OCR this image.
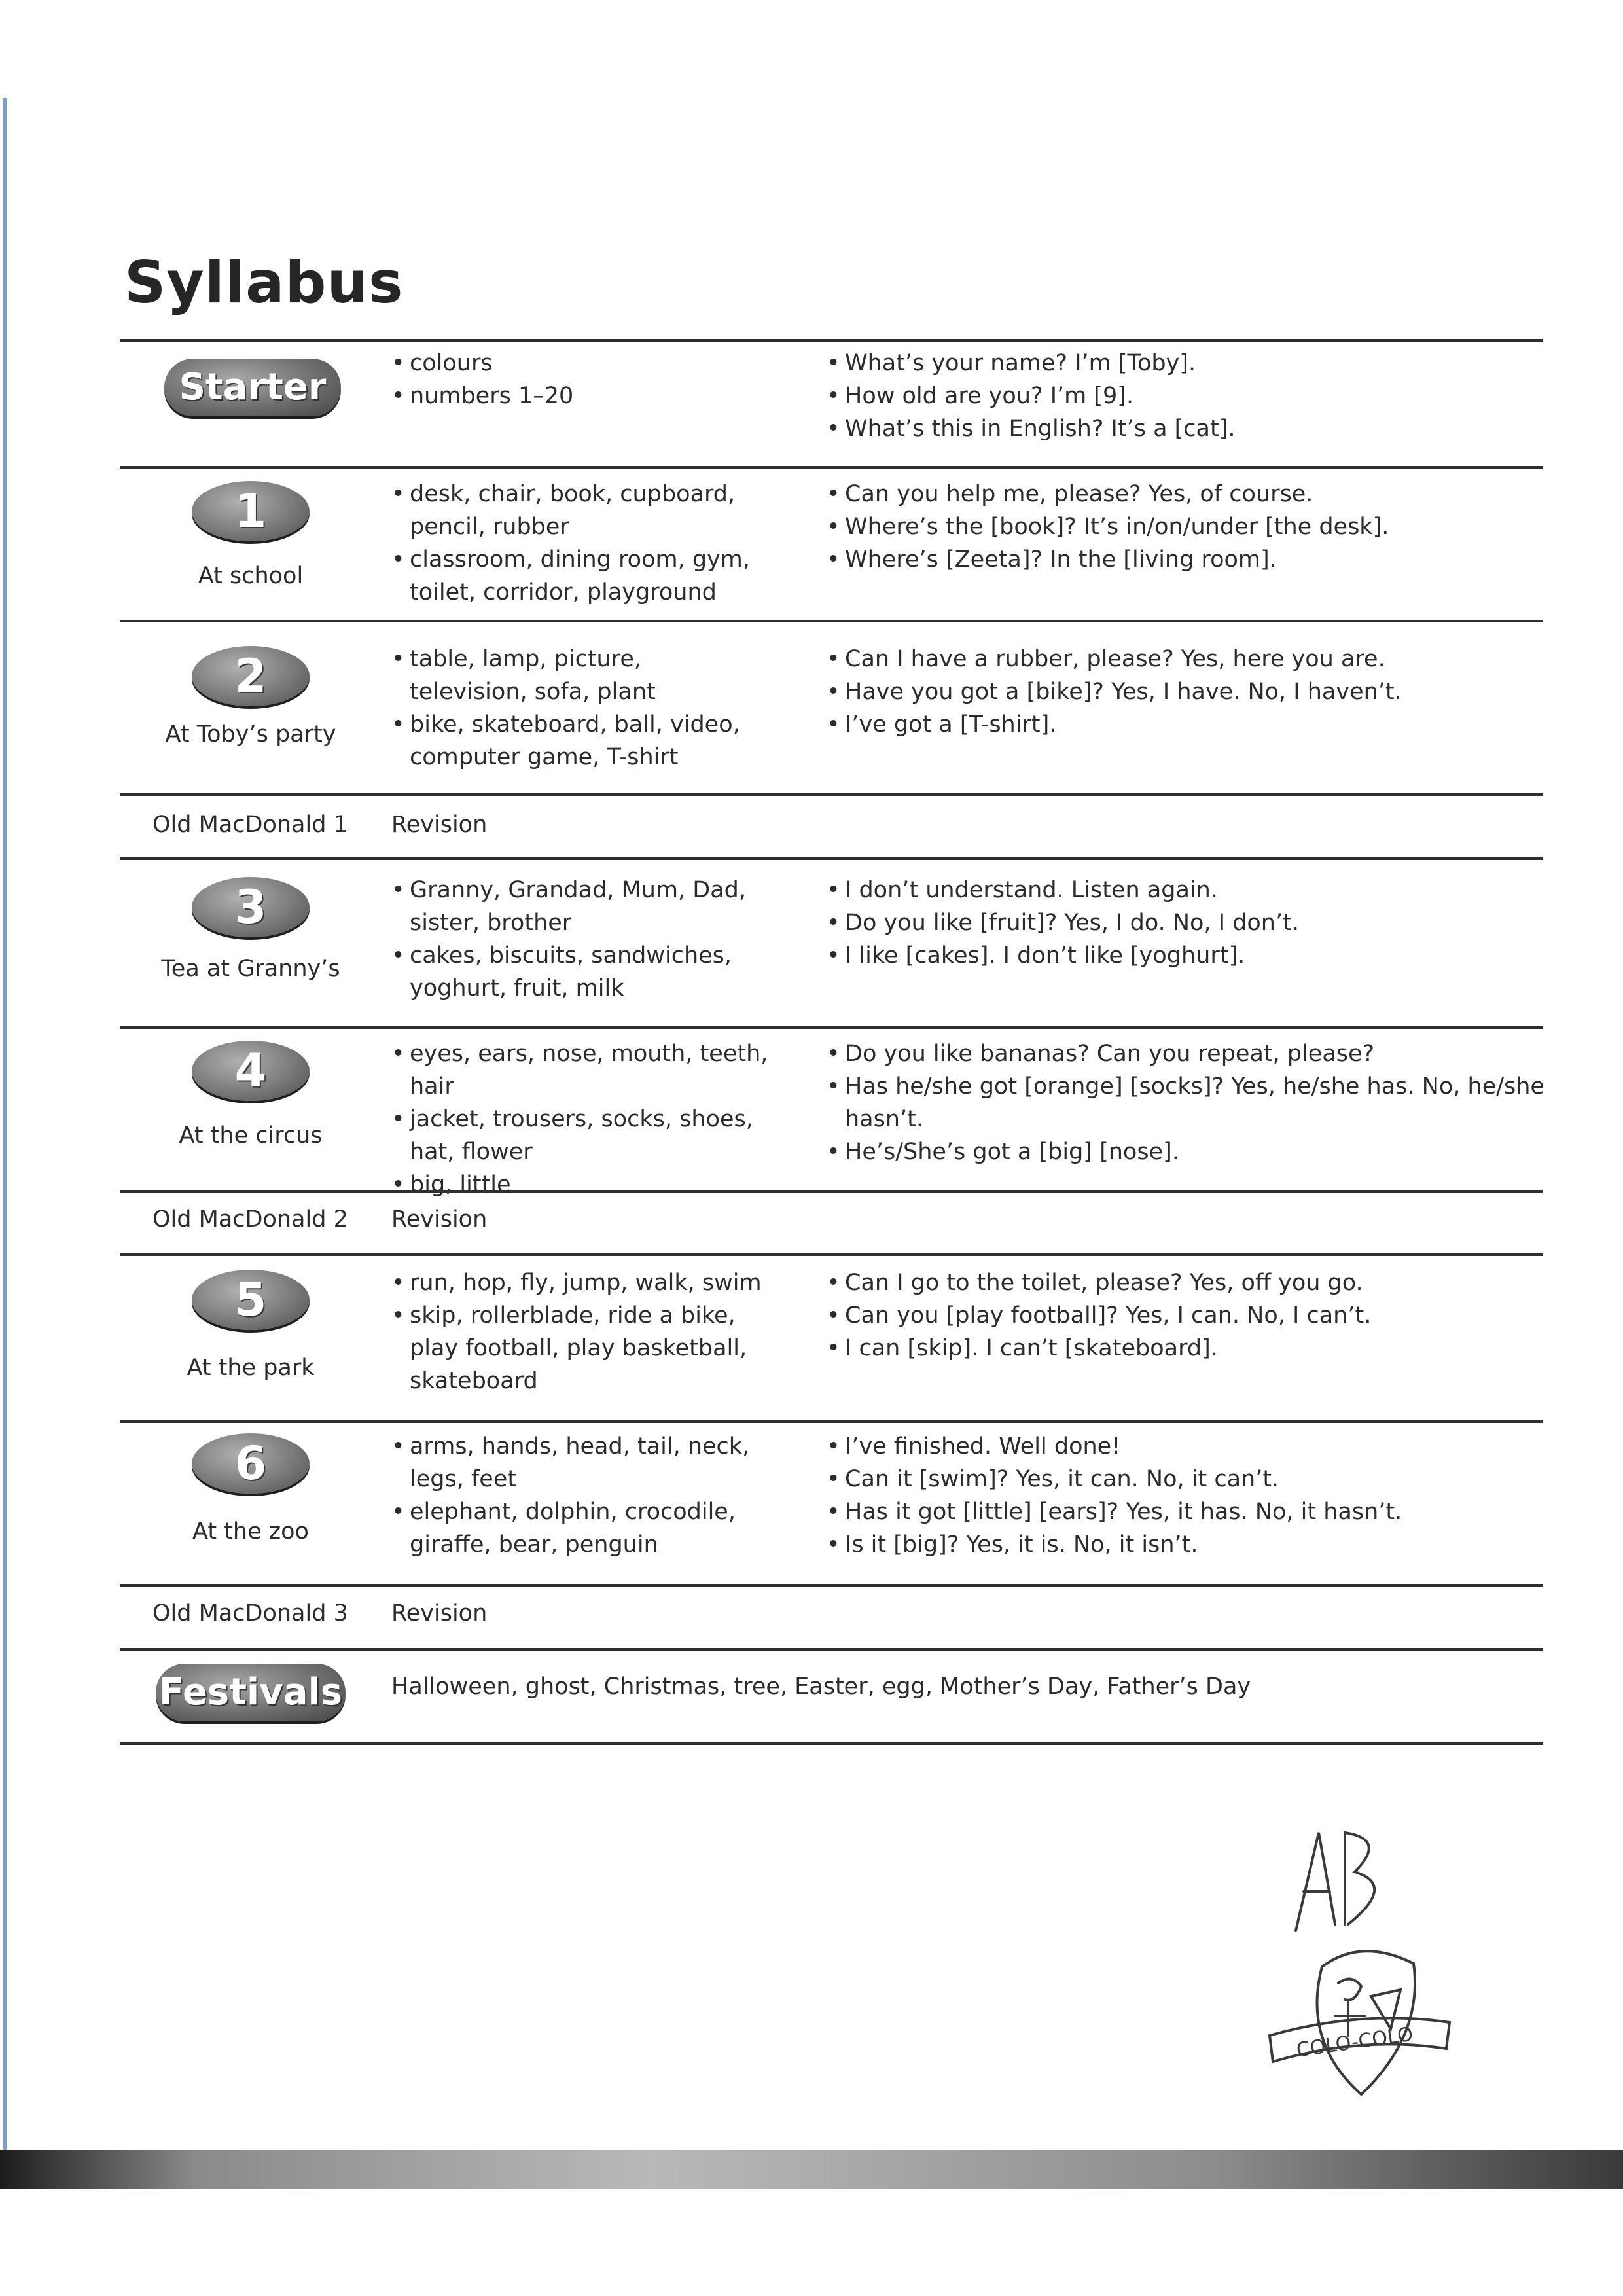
Syllabus
Starter
• colours
• numbers 1–20
• What’s your name? I’m [Toby].
• How old are you? I’m [9].
• What’s this in English? It’s a [cat].
1
At school
• desk, chair, book, cupboard, pencil, rubber
• classroom, dining room, gym, toilet, corridor, playground
• Can you help me, please? Yes, of course.
• Where’s the [book]? It’s in/on/under [the desk].
• Where’s [Zeeta]? In the [living room].
2
At Toby’s party
• table, lamp, picture, television, sofa, plant
• bike, skateboard, ball, video, computer game, T-shirt
• Can I have a rubber, please? Yes, here you are.
• Have you got a [bike]? Yes, I have. No, I haven’t.
• I’ve got a [T-shirt].
Old MacDonald 1 Revision
3
Tea at Granny’s
• Granny, Grandad, Mum, Dad, sister, brother
• cakes, biscuits, sandwiches, yoghurt, fruit, milk
• I don’t understand. Listen again.
• Do you like [fruit]? Yes, I do. No, I don’t.
• I like [cakes]. I don’t like [yoghurt].
4
At the circus
• eyes, ears, nose, mouth, teeth, hair
• jacket, trousers, socks, shoes, hat, flower
• big, little
• Do you like bananas? Can you repeat, please?
• Has he/she got [orange] [socks]? Yes, he/she has. No, he/she hasn’t.
• He’s/She’s got a [big] [nose].
Old MacDonald 2 Revision
5
At the park
• run, hop, fly, jump, walk, swim
• skip, rollerblade, ride a bike, play football, play basketball, skateboard
• Can I go to the toilet, please? Yes, off you go.
• Can you [play football]? Yes, I can. No, I can’t.
• I can [skip]. I can’t [skateboard].
6
At the zoo
• arms, hands, head, tail, neck, legs, feet
• elephant, dolphin, crocodile, giraffe, bear, penguin
• I’ve finished. Well done!
• Can it [swim]? Yes, it can. No, it can’t.
• Has it got [little] [ears]? Yes, it has. No, it hasn’t.
• Is it [big]? Yes, it is. No, it isn’t.
Old MacDonald 3 Revision
Festivals Halloween, ghost, Christmas, tree, Easter, egg, Mother’s Day, Father’s Day
COLO-COLO
